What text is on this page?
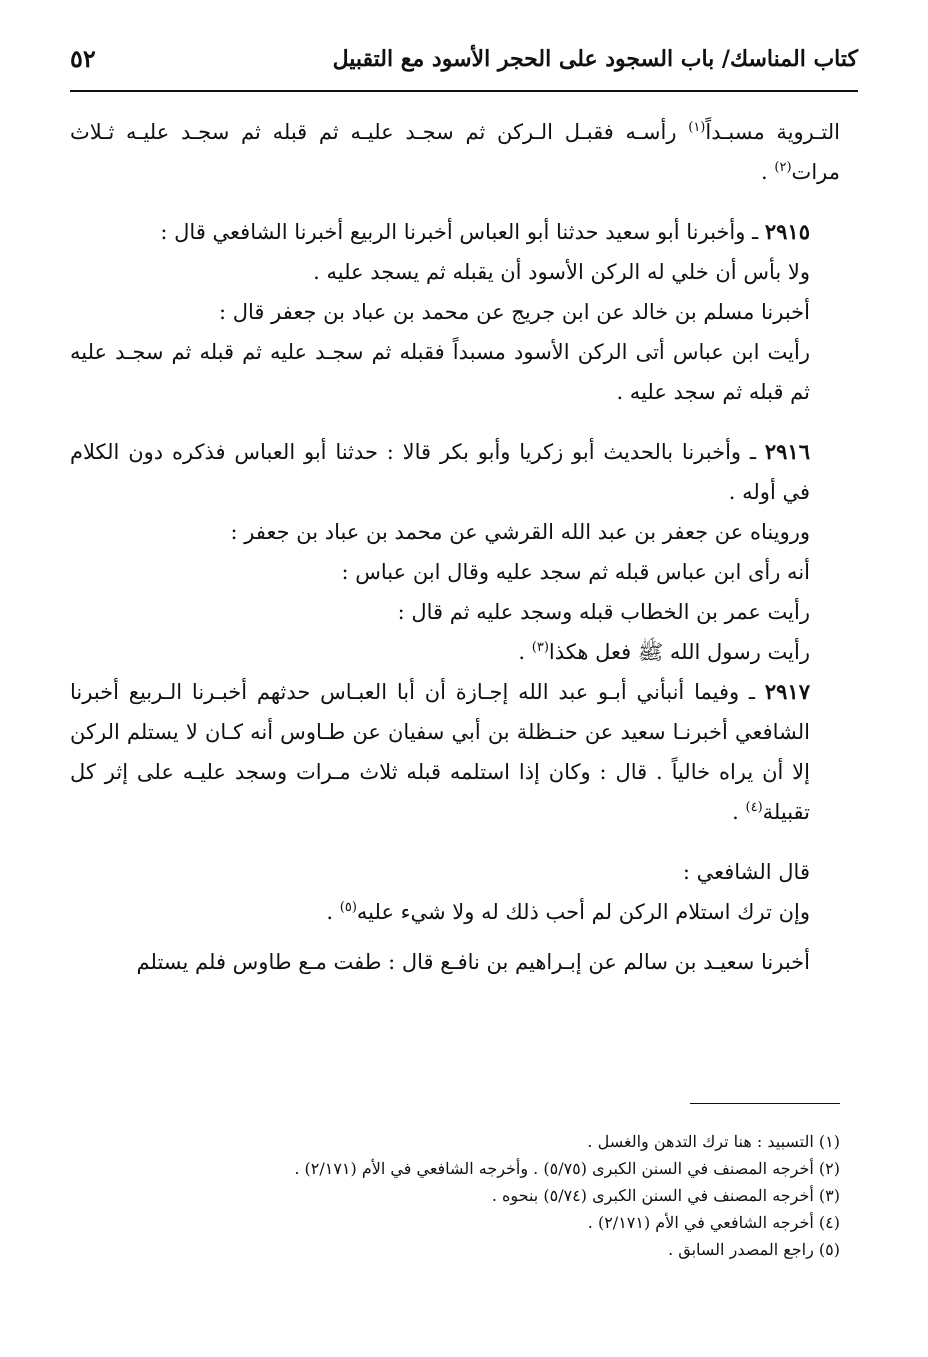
كتاب المناسك/ باب السجود على الحجر الأسود مع التقبيل
٥٢

التـروية مسبـداً$^{(١)}$ رأسـه فقبـل الـركن ثم سجـد عليـه ثم قبله ثم سجـد عليـه ثـلاث مرات$^{(٢)}$ .

٢٩١٥ ـ وأخبرنا أبو سعيد حدثنا أبو العباس أخبرنا الربيع أخبرنا الشافعي قال :

ولا بأس أن خلي له الركن الأسود أن يقبله ثم يسجد عليه .

أخبرنا مسلم بن خالد عن ابن جريج عن محمد بن عباد بن جعفر قال :

رأيت ابن عباس أتى الركن الأسود مسبداً فقبله ثم سجـد عليه ثم قبله ثم سجـد عليه ثم قبله ثم سجد عليه .

٢٩١٦ ـ وأخبرنا بالحديث أبو زكريا وأبو بكر قالا : حدثنا أبو العباس فذكره دون الكلام في أوله .

ورويناه عن جعفر بن عبد الله القرشي عن محمد بن عباد بن جعفر :

أنه رأى ابن عباس قبله ثم سجد عليه وقال ابن عباس :

رأيت عمر بن الخطاب قبله وسجد عليه ثم قال :

رأيت رسول الله ﷺ فعل هكذا$^{(٣)}$ .

٢٩١٧ ـ وفيما أنبأني أبـو عبد الله إجـازة أن أبا العبـاس حدثهم أخبـرنا الـربيع أخبرنا الشافعي أخبرنـا سعيد عن حنـظلة بن أبي سفيان عن طـاوس أنه كـان لا يستلم الركن إلا أن يراه خالياً . قال : وكان إذا استلمه قبله ثلاث مـرات وسجد عليـه على إثر كل تقبيلة$^{(٤)}$ .

قال الشافعي :

وإن ترك استلام الركن لم أحب ذلك له ولا شيء عليه$^{(٥)}$ .

أخبرنا سعيـد بن سالم عن إبـراهيم بن نافـع قال : طفت مـع طاوس فلم يستلم

(١) التسبيد : هنا ترك التدهن والغسل .

(٢) أخرجه المصنف في السنن الكبرى (٥/٧٥) . وأخرجه الشافعي في الأم (٢/١٧١) .

(٣) أخرجه المصنف في السنن الكبرى (٥/٧٤) بنحوه .

(٤) أخرجه الشافعي في الأم (٢/١٧١) .

(٥) راجع المصدر السابق .
